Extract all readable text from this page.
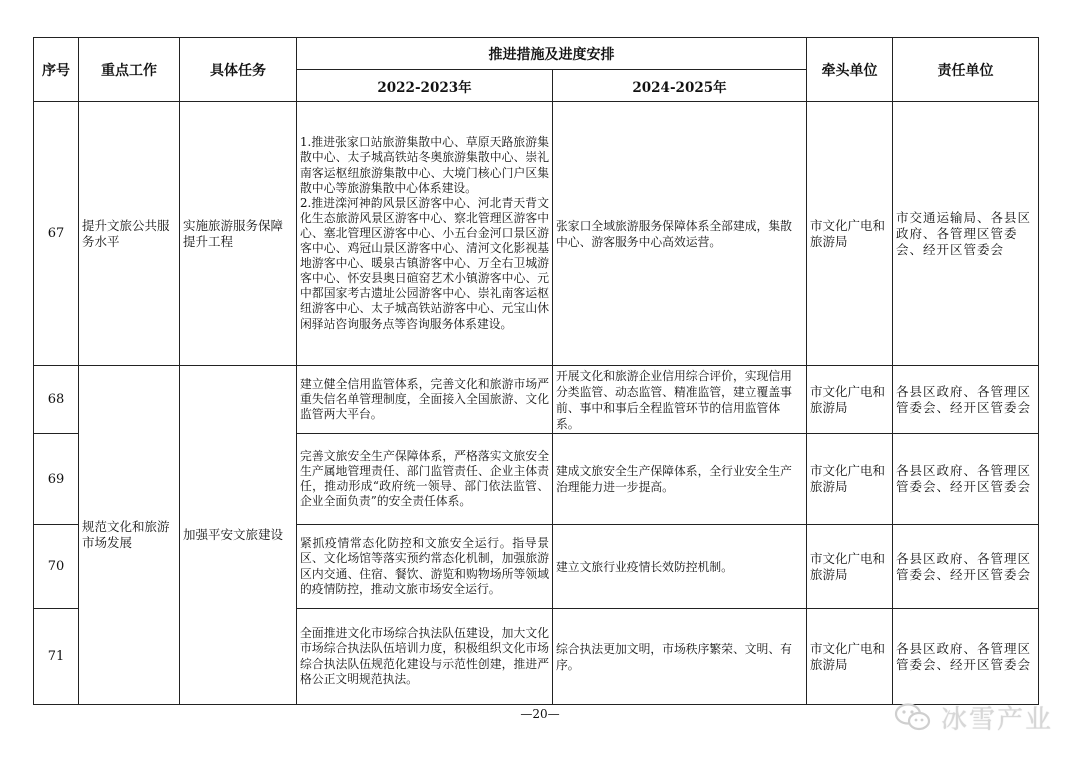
序号	重点工作	具体任务	推进措施及进度安排		牵头单位	责任单位
			2022-2023年	2024-2025年		
67	提升文旅公共服务水平	实施旅游服务保障提升工程	1.推进张家口站旅游集散中心、草原天路旅游集散中心、太子城高铁站冬奥旅游集散中心、崇礼南客运枢纽旅游集散中心、大境门核心门户区集散中心等旅游集散中心体系建设。
2.推进滦河神韵风景区游客中心、河北青天背文化生态旅游风景区游客中心、察北管理区游客中心、塞北管理区游客中心、小五台金河口景区游客中心、鸡冠山景区游客中心、清河文化影视基地游客中心、暖泉古镇游客中心、万全右卫城游客中心、怀安县奥日碹窑艺术小镇游客中心、元中都国家考古遗址公园游客中心、崇礼南客运枢纽游客中心、太子城高铁站游客中心、元宝山休闲驿站咨询服务点等咨询服务体系建设。	张家口全域旅游服务保障体系全部建成，集散中心、游客服务中心高效运营。	市文化广电和旅游局	市交通运输局、各县区政府、各管理区管委会、经开区管委会
68	规范文化和旅游市场发展	加强平安文旅建设	建立健全信用监管体系，完善文化和旅游市场严重失信名单管理制度，全面接入全国旅游、文化监管两大平台。	开展文化和旅游企业信用综合评价，实现信用分类监管、动态监管、精准监管，建立覆盖事前、事中和事后全程监管环节的信用监管体系。	市文化广电和旅游局	各县区政府、各管理区管委会、经开区管委会
69			完善文旅安全生产保障体系，严格落实文旅安全生产属地管理责任、部门监管责任、企业主体责任，推动形成“政府统一领导、部门依法监管、企业全面负责”的安全责任体系。	建成文旅安全生产保障体系，全行业安全生产治理能力进一步提高。	市文化广电和旅游局	各县区政府、各管理区管委会、经开区管委会
70			紧抓疫情常态化防控和文旅安全运行。指导景区、文化场馆等落实预约常态化机制，加强旅游区内交通、住宿、餐饮、游览和购物场所等领域的疫情防控，推动文旅市场安全运行。	建立文旅行业疫情长效防控机制。	市文化广电和旅游局	各县区政府、各管理区管委会、经开区管委会
71			全面推进文化市场综合执法队伍建设，加大文化市场综合执法队伍培训力度，积极组织文化市场综合执法队伍规范化建设与示范性创建，推进严格公正文明规范执法。	综合执法更加文明，市场秩序繁荣、文明、有序。	市文化广电和旅游局	各县区政府、各管理区管委会、经开区管委会
—20—	冰雪产业
